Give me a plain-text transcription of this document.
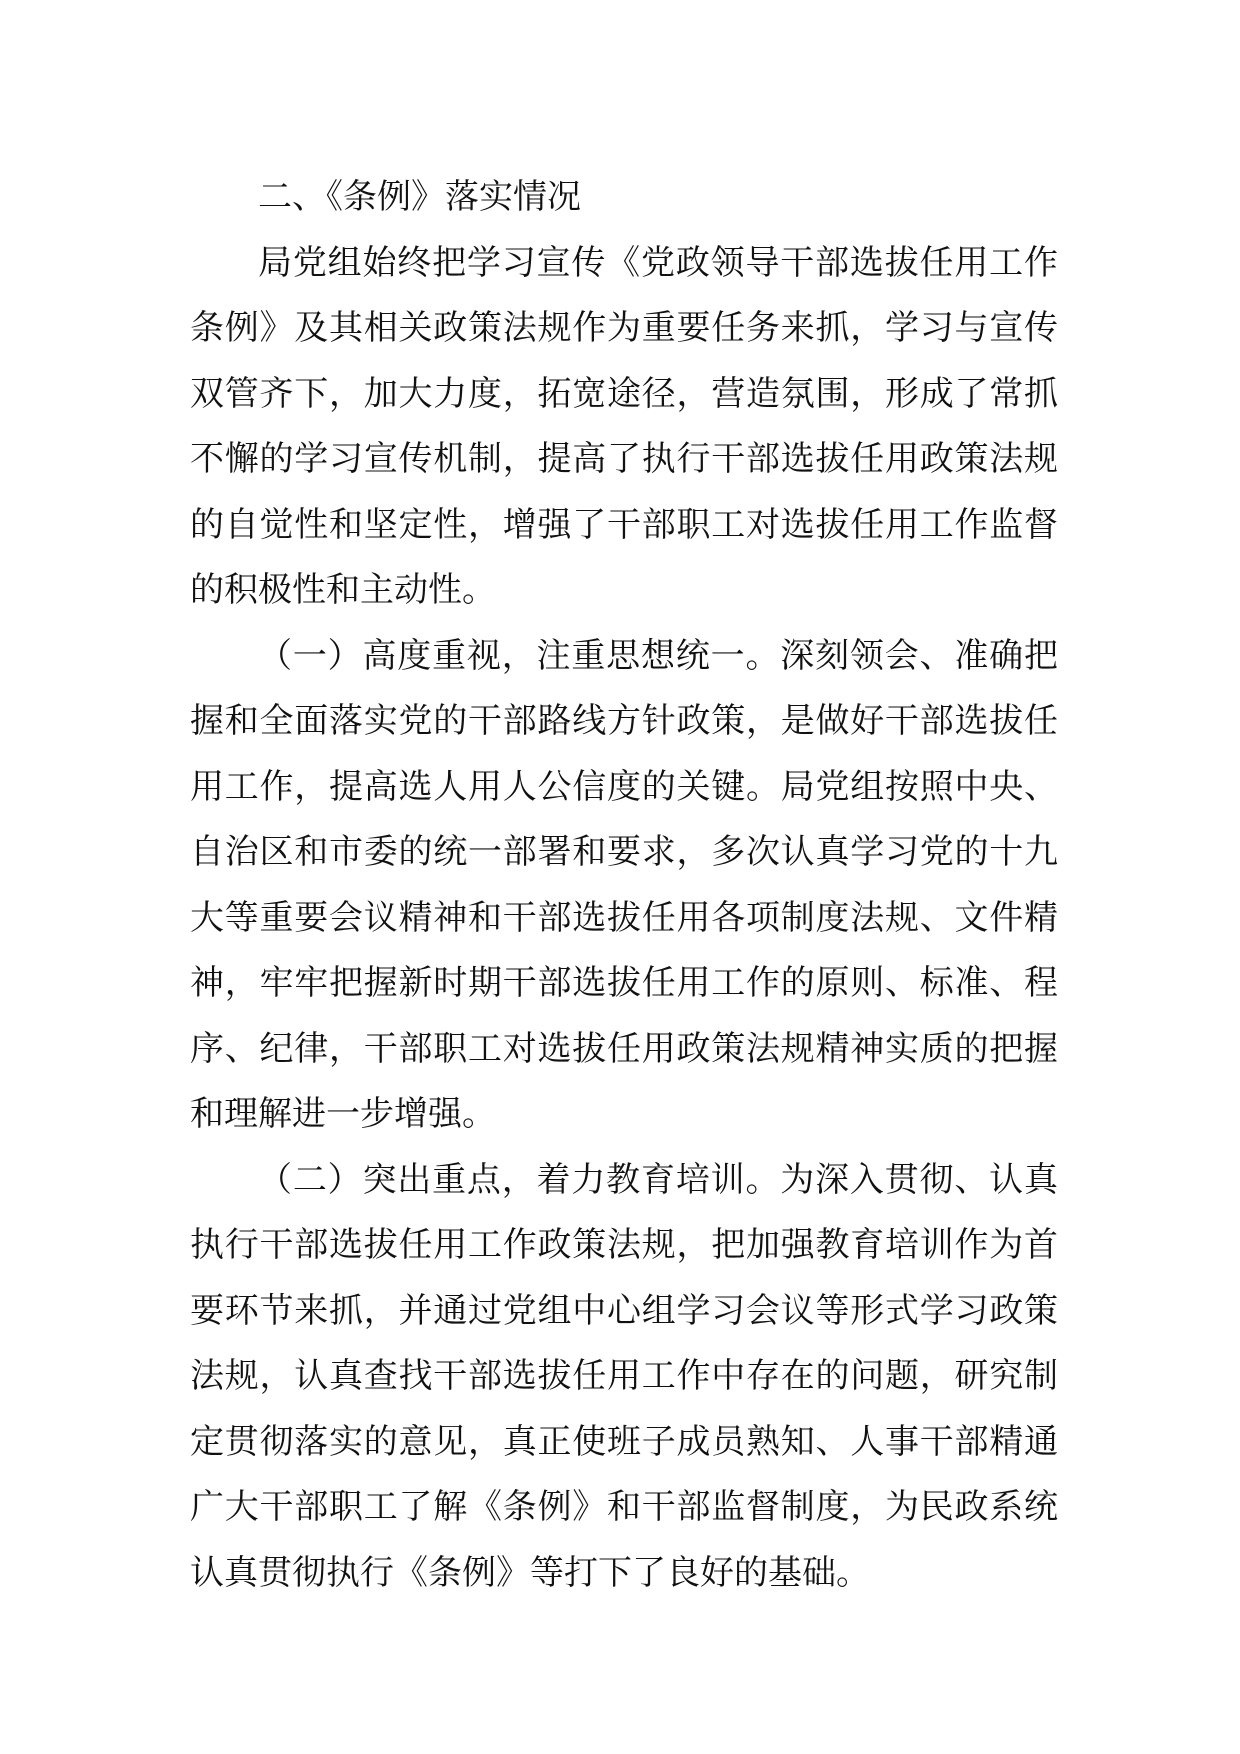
二、《条例》落实情况
局党组始终把学习宣传《党政领导干部选拔任用工作
条例》及其相关政策法规作为重要任务来抓，学习与宣传
双管齐下，加大力度，拓宽途径，营造氛围，形成了常抓
不懈的学习宣传机制，提高了执行干部选拔任用政策法规
的自觉性和坚定性，增强了干部职工对选拔任用工作监督
的积极性和主动性。
（一）高度重视，注重思想统一。深刻领会、准确把
握和全面落实党的干部路线方针政策，是做好干部选拔任
用工作，提高选人用人公信度的关键。局党组按照中央、
自治区和市委的统一部署和要求，多次认真学习党的十九
大等重要会议精神和干部选拔任用各项制度法规、文件精
神，牢牢把握新时期干部选拔任用工作的原则、标准、程
序、纪律，干部职工对选拔任用政策法规精神实质的把握
和理解进一步增强。
（二）突出重点，着力教育培训。为深入贯彻、认真
执行干部选拔任用工作政策法规，把加强教育培训作为首
要环节来抓，并通过党组中心组学习会议等形式学习政策
法规，认真查找干部选拔任用工作中存在的问题，研究制
定贯彻落实的意见，真正使班子成员熟知、人事干部精通
广大干部职工了解《条例》和干部监督制度，为民政系统
认真贯彻执行《条例》等打下了良好的基础。
